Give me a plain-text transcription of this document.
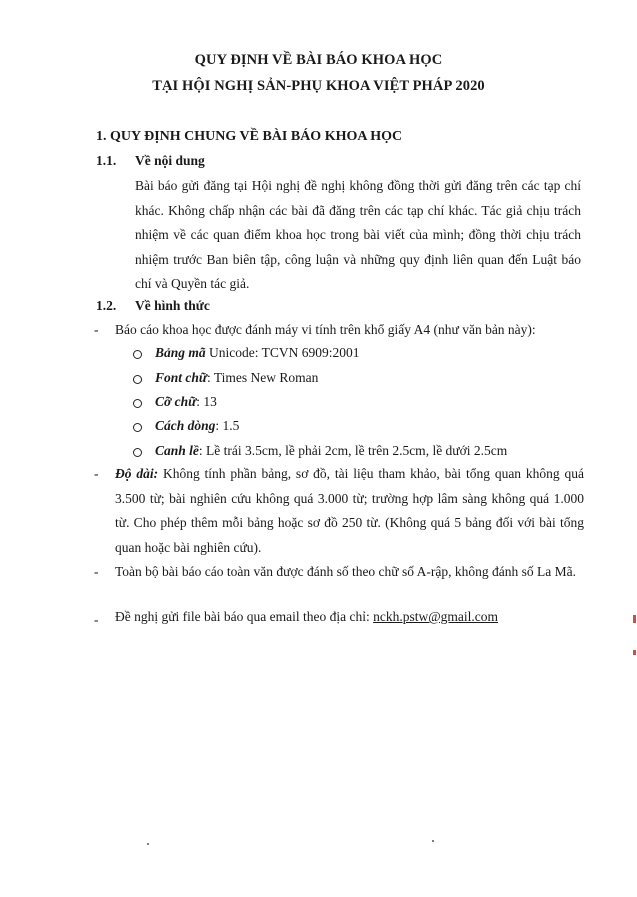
QUY ĐỊNH VỀ BÀI BÁO KHOA HỌC
TẠI HỘI NGHỊ SẢN-PHỤ KHOA VIỆT PHÁP 2020
1. QUY ĐỊNH CHUNG VỀ BÀI BÁO KHOA HỌC
1.1. Về nội dung
Bài báo gửi đăng tại Hội nghị đề nghị không đồng thời gửi đăng trên các tạp chí khác. Không chấp nhận các bài đã đăng trên các tạp chí khác. Tác giả chịu trách nhiệm về các quan điểm khoa học trong bài viết của mình; đồng thời chịu trách nhiệm trước Ban biên tập, công luận và những quy định liên quan đến Luật báo chí và Quyền tác giả.
1.2. Về hình thức
- Báo cáo khoa học được đánh máy vi tính trên khổ giấy A4 (như văn bản này):
Bảng mã Unicode: TCVN 6909:2001
Font chữ: Times New Roman
Cỡ chữ: 13
Cách dòng: 1.5
Canh lề: Lề trái 3.5cm, lề phải 2cm, lề trên 2.5cm, lề dưới 2.5cm
- Độ dài: Không tính phần bảng, sơ đồ, tài liệu tham khảo, bài tổng quan không quá 3.500 từ; bài nghiên cứu không quá 3.000 từ; trường hợp lâm sàng không quá 1.000 từ. Cho phép thêm mỗi bảng hoặc sơ đồ 250 từ. (Không quá 5 bảng đối với bài tổng quan hoặc bài nghiên cứu).
- Toàn bộ bài báo cáo toàn văn được đánh số theo chữ số A-rập, không đánh số La Mã.
- Đề nghị gửi file bài báo qua email theo địa chỉ: nckh.pstw@gmail.com
